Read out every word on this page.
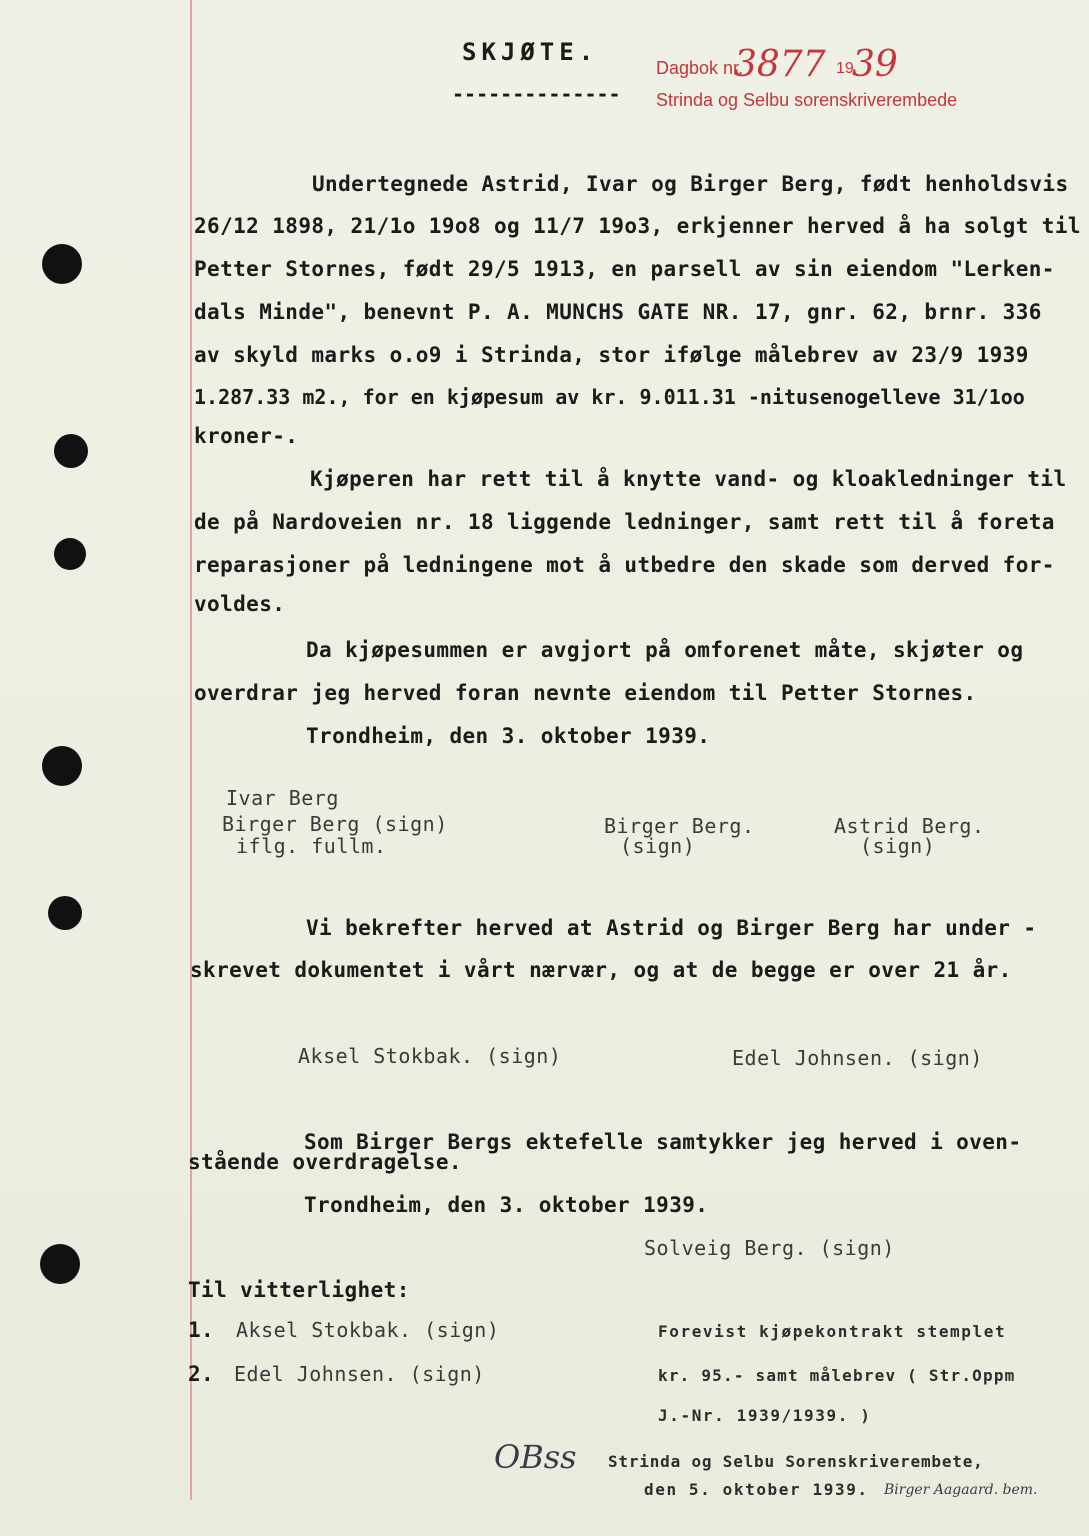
SKJØTE.
--------------
Dagbok nr.
3877 19
39
Strinda og Selbu sorenskriverembede
Undertegnede Astrid, Ivar og Birger Berg, født henholdsvis
26/12 1898, 21/1o 19o8 og 11/7 19o3, erkjenner herved å ha solgt til
Petter Stornes, født 29/5 1913, en parsell av sin eiendom "Lerken-
dals Minde", benevnt P. A. MUNCHS GATE NR. 17, gnr. 62, brnr. 336
av skyld marks o.o9 i Strinda, stor ifølge målebrev av 23/9 1939
1.287.33 m2., for en kjøpesum av kr. 9.011.31 -nitusenogelleve 31/1oo
kroner-.
Kjøperen har rett til å knytte vand- og kloakledninger til
de på Nardoveien nr. 18 liggende ledninger, samt rett til å foreta
reparasjoner på ledningene mot å utbedre den skade som derved for-
voldes.
Da kjøpesummen er avgjort på omforenet måte, skjøter og
overdrar jeg herved foran nevnte eiendom til Petter Stornes.
Trondheim, den 3. oktober 1939.
Ivar Berg
Birger Berg (sign)
iflg. fullm.
Birger Berg.
(sign)
Astrid Berg.
(sign)
Vi bekrefter herved at Astrid og Birger Berg har under -
skrevet dokumentet i vårt nærvær, og at de begge er over 21 år.
Aksel Stokbak. (sign)	Edel Johnsen. (sign)
Som Birger Bergs ektefelle samtykker jeg herved i oven-
stående overdragelse.
Trondheim, den 3. oktober 1939.
Solveig Berg. (sign)
Til vitterlighet:
1. Aksel Stokbak. (sign)
2. Edel Johnsen. (sign)
Forevist kjøpekontrakt stemplet
kr. 95.- samt målebrev ( Str.Oppm
J.-Nr. 1939/1939. )
OBss Strinda og Selbu Sorenskriverembete,
den 5. oktober 1939. Birger Aagaard. bem.
